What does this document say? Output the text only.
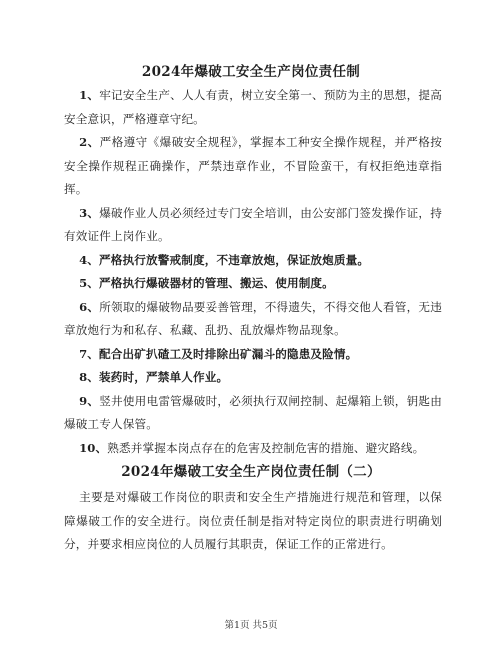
2024年爆破工安全生产岗位责任制

1、牢记安全生产、人人有责，树立安全第一、预防为主的思想，提高安全意识，严格遵章守纪。

2、严格遵守《爆破安全规程》，掌握本工种安全操作规程，并严格按安全操作规程正确操作，严禁违章作业，不冒险蛮干，有权拒绝违章指挥。

3、爆破作业人员必须经过专门安全培训，由公安部门签发操作证，持有效证件上岗作业。

4、严格执行放警戒制度，不违章放炮，保证放炮质量。

5、严格执行爆破器材的管理、搬运、使用制度。

6、所领取的爆破物品要妥善管理，不得遗失，不得交他人看管，无违章放炮行为和私存、私藏、乱扔、乱放爆炸物品现象。

7、配合出矿扒碴工及时排除出矿漏斗的隐患及险情。

8、装药时，严禁单人作业。

9、竖井使用电雷管爆破时，必须执行双闸控制、起爆箱上锁，钥匙由爆破工专人保管。

10、熟悉并掌握本岗点存在的危害及控制危害的措施、避灾路线。

2024年爆破工安全生产岗位责任制（二）

主要是对爆破工作岗位的职责和安全生产措施进行规范和管理，以保障爆破工作的安全进行。岗位责任制是指对特定岗位的职责进行明确划分，并要求相应岗位的人员履行其职责，保证工作的正常进行。

第1页 共5页
